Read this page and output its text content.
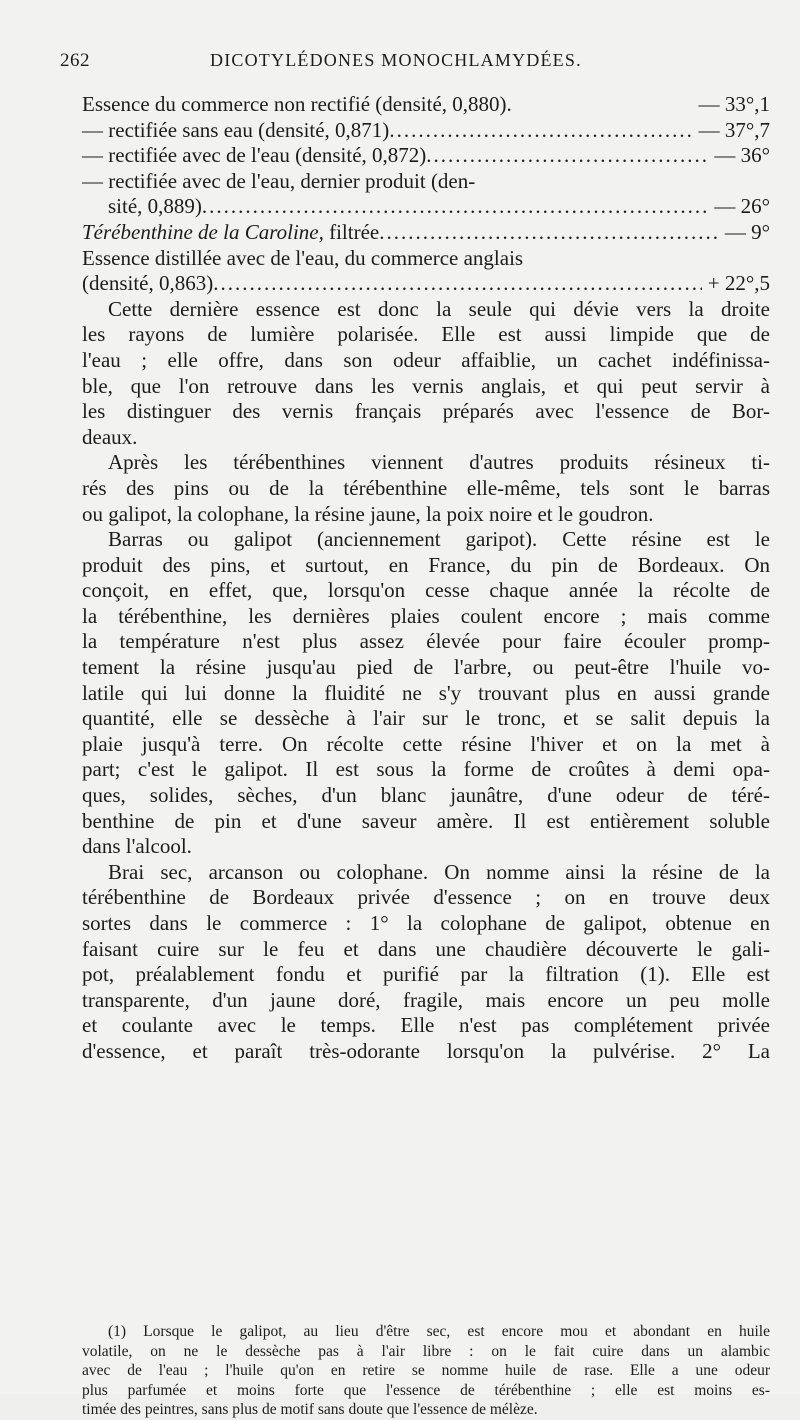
262	DICOTYLÉDONES MONOCHLAMYDÉES.
Essence du commerce non rectifié (densité, 0,880).	— 33°,1
— rectifiée sans eau (densité, 0,871) .....	— 37°,7
— rectifiée avec de l'eau (densité, 0,872) .....	— 36°
— rectifiée avec de l'eau, dernier produit (den-
sité, 0,889) .....	— 26°
Térébenthine de la Caroline, filtrée .....	— 9°
Essence distillée avec de l'eau, du commerce anglais
(densité, 0,863) .....	+ 22°,5
Cette dernière essence est donc la seule qui dévie vers la droite
les rayons de lumière polarisée. Elle est aussi limpide que de
l'eau ; elle offre, dans son odeur affaiblie, un cachet indéfinissa-
ble, que l'on retrouve dans les vernis anglais, et qui peut servir à
les distinguer des vernis français préparés avec l'essence de Bor-
deaux.
Après les térébenthines viennent d'autres produits résineux ti-
rés des pins ou de la térébenthine elle-même, tels sont le barras
ou galipot, la colophane, la résine jaune, la poix noire et le goudron.
Barras ou galipot (anciennement garipot). Cette résine est le
produit des pins, et surtout, en France, du pin de Bordeaux. On
conçoit, en effet, que, lorsqu'on cesse chaque année la récolte de
la térébenthine, les dernières plaies coulent encore ; mais comme
la température n'est plus assez élevée pour faire écouler promp-
tement la résine jusqu'au pied de l'arbre, ou peut-être l'huile vo-
latile qui lui donne la fluidité ne s'y trouvant plus en aussi grande
quantité, elle se dessèche à l'air sur le tronc, et se salit depuis la
plaie jusqu'à terre. On récolte cette résine l'hiver et on la met à
part; c'est le galipot. Il est sous la forme de croûtes à demi opa-
ques, solides, sèches, d'un blanc jaunâtre, d'une odeur de téré-
benthine de pin et d'une saveur amère. Il est entièrement soluble
dans l'alcool.
Brai sec, arcanson ou colophane. On nomme ainsi la résine de la
térébenthine de Bordeaux privée d'essence ; on en trouve deux
sortes dans le commerce : 1° la colophane de galipot, obtenue en
faisant cuire sur le feu et dans une chaudière découverte le gali-
pot, préalablement fondu et purifié par la filtration (1). Elle est
transparente, d'un jaune doré, fragile, mais encore un peu molle
et coulante avec le temps. Elle n'est pas complétement privée
d'essence, et paraît très-odorante lorsqu'on la pulvérise. 2° La
(1) Lorsque le galipot, au lieu d'être sec, est encore mou et abondant en huile
volatile, on ne le dessèche pas à l'air libre : on le fait cuire dans un alambic
avec de l'eau ; l'huile qu'on en retire se nomme huile de rase. Elle a une odeur
plus parfumée et moins forte que l'essence de térébenthine ; elle est moins es-
timée des peintres, sans plus de motif sans doute que l'essence de mélèze.
